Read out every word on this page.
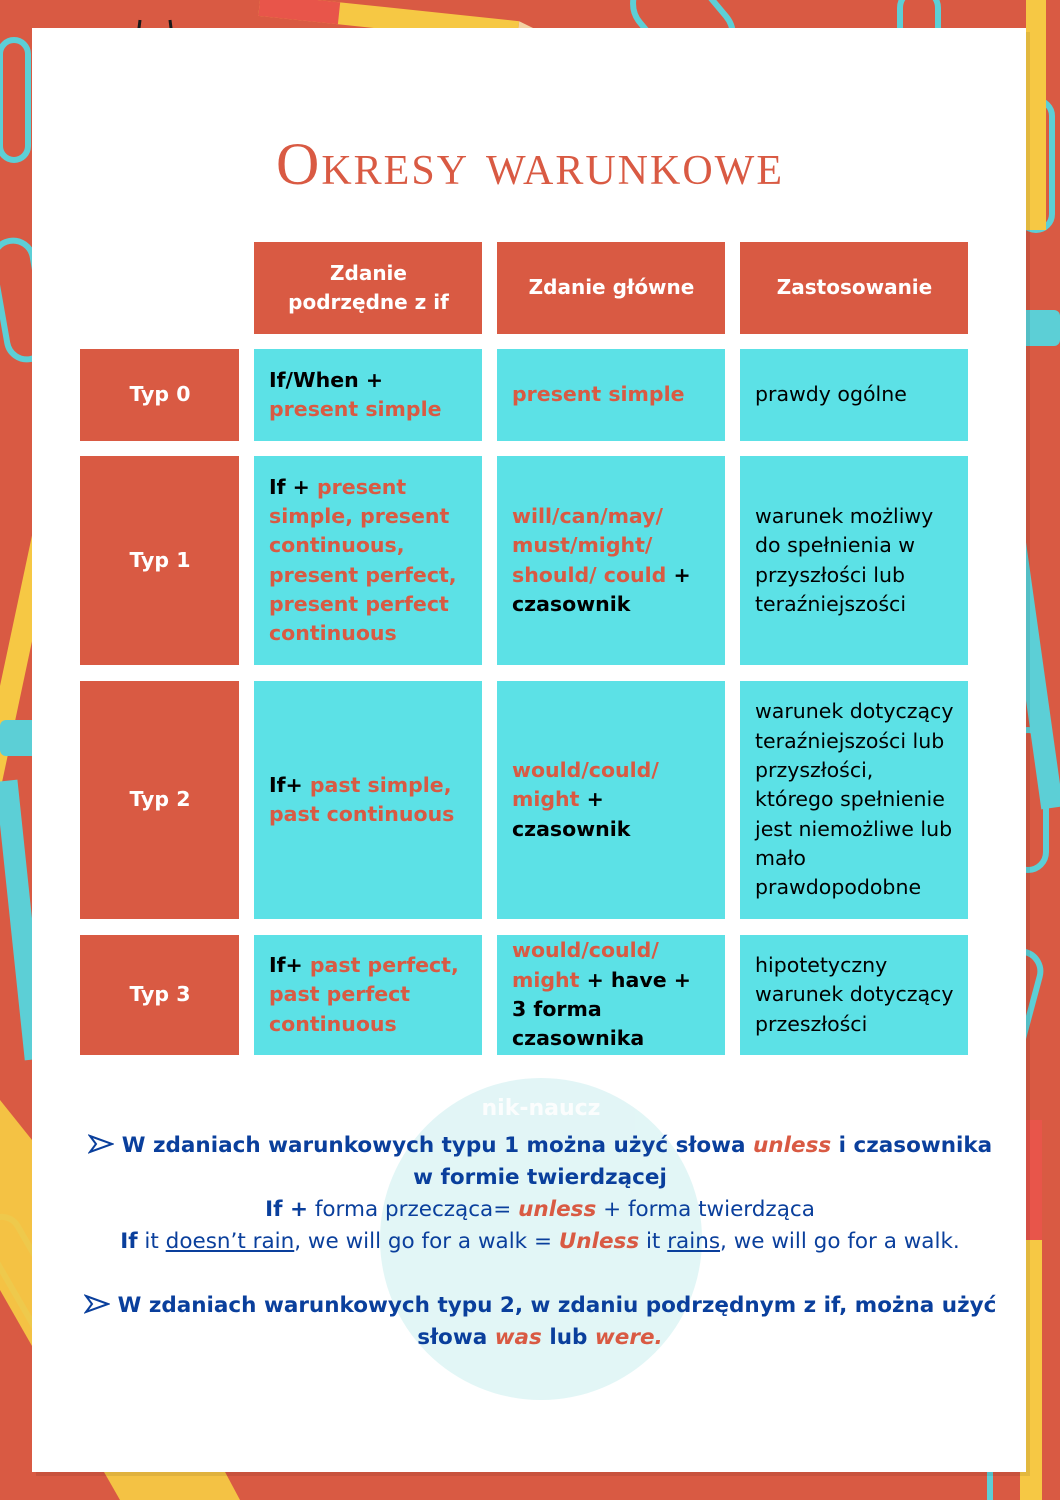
nik-naucz
Okresy warunkowe
Zdanie podrzędne z if
Zdanie główne	Zastosowanie
Typ 0
If/When + present simple
present simple	prawdy ogólne
Typ 1
If + present simple, present continuous, present perfect, present perfect continuous
will/can/may/ must/might/ should/ could + czasownik
warunek możliwy do spełnienia w przyszłości lub teraźniejszości
Typ 2
If+ past simple, past continuous
would/could/ might + czasownik
warunek dotyczący teraźniejszości lub przyszłości, którego spełnienie jest niemożliwe lub mało prawdopodobne
Typ 3
If+ past perfect, past perfect continuous
would/could/ might + have + 3 forma czasownika
hipotetyczny warunek dotyczący przeszłości
W zdaniach warunkowych typu 1 można użyć słowa unless i czasownika w formie twierdzącej
If + forma przecząca= unless + forma twierdząca
If it doesn’t rain, we will go for a walk = Unless it rains, we will go for a walk.
W zdaniach warunkowych typu 2, w zdaniu podrzędnym z if, można użyć słowa was lub were.
